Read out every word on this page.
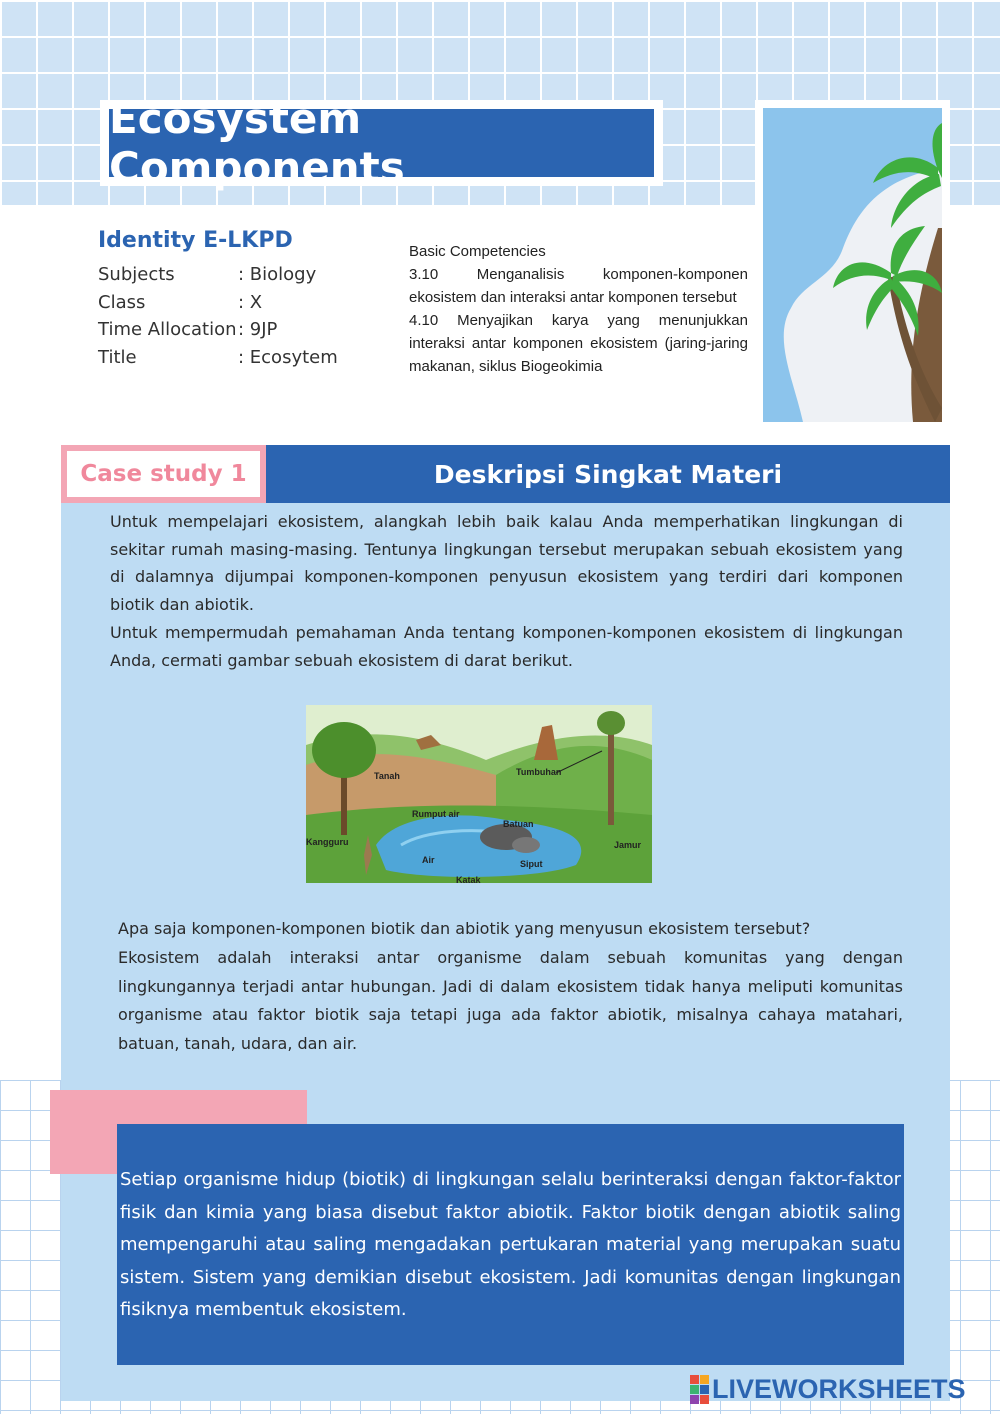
Ecosystem Components
Identity E-LKPD
Subjects	: Biology
Class	: X
Time Allocation : 9JP
Title	: Ecosytem

Basic Competencies

3.10 Menganalisis komponen-komponen ekosistem dan interaksi antar komponen tersebut

4.10 Menyajikan karya yang menunjukkan interaksi antar komponen ekosistem (jaring-jaring makanan, siklus Biogeokimia

Case study 1	Deskripsi Singkat Materi

Untuk mempelajari ekosistem, alangkah lebih baik kalau Anda memperhatikan lingkungan di sekitar rumah masing-masing. Tentunya lingkungan tersebut merupakan sebuah ekosistem yang di dalamnya dijumpai komponen-komponen penyusun ekosistem yang terdiri dari komponen biotik dan abiotik.

Untuk mempermudah pemahaman Anda tentang komponen-komponen ekosistem di lingkungan Anda, cermati gambar sebuah ekosistem di darat berikut.

Tanah	Tumbuhan
Rumput air
Batuan
Kangguru
Air	Siput
Jamur
Katak

Apa saja komponen-komponen biotik dan abiotik yang menyusun ekosistem tersebut?

Ekosistem adalah interaksi antar organisme dalam sebuah komunitas yang dengan lingkungannya terjadi antar hubungan. Jadi di dalam ekosistem tidak hanya meliputi komunitas organisme atau faktor biotik saja tetapi juga ada faktor abiotik, misalnya cahaya matahari, batuan, tanah, udara, dan air.

Setiap organisme hidup (biotik) di lingkungan selalu berinteraksi dengan faktor-faktor fisik dan kimia yang biasa disebut faktor abiotik. Faktor biotik dengan abiotik saling mempengaruhi atau saling mengadakan pertukaran material yang merupakan suatu sistem. Sistem yang demikian disebut ekosistem. Jadi komunitas dengan lingkungan fisiknya membentuk ekosistem.

LIVEWORKSHEETS
